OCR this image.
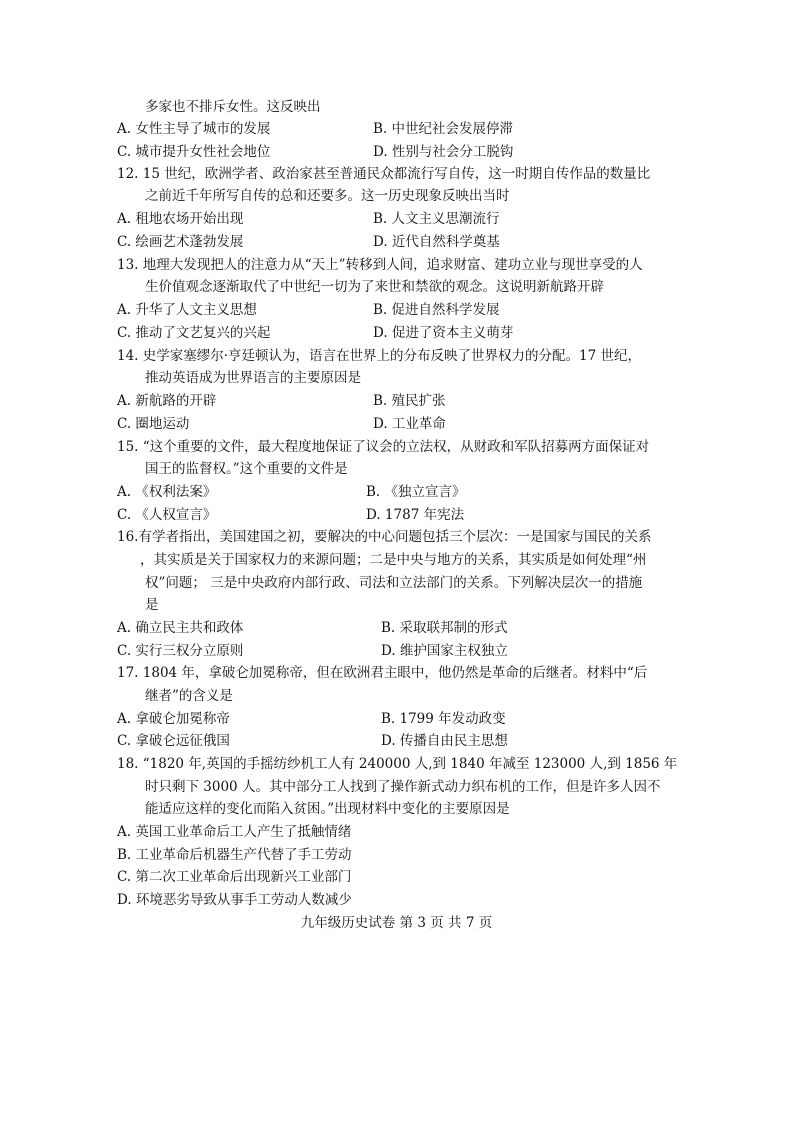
多家也不排斥女性。这反映出
A. 女性主导了城市的发展	B. 中世纪社会发展停滞
C. 城市提升女性社会地位	D. 性别与社会分工脱钩
12. 15 世纪，欧洲学者、政治家甚至普通民众都流行写自传，这一时期自传作品的数量比
之前近千年所写自传的总和还要多。这一历史现象反映出当时
A. 租地农场开始出现	B. 人文主义思潮流行
C. 绘画艺术蓬勃发展	D. 近代自然科学奠基
13. 地理大发现把人的注意力从“天上”转移到人间，追求财富、建功立业与现世享受的人
生价值观念逐渐取代了中世纪一切为了来世和禁欲的观念。这说明新航路开辟
A. 升华了人文主义思想	B. 促进自然科学发展
C. 推动了文艺复兴的兴起	D. 促进了资本主义萌芽
14. 史学家塞缪尔·亨廷顿认为，语言在世界上的分布反映了世界权力的分配。17 世纪，
推动英语成为世界语言的主要原因是
A. 新航路的开辟	B. 殖民扩张
C. 圈地运动	D. 工业革命
15. “这个重要的文件，最大程度地保证了议会的立法权，从财政和军队招募两方面保证对
国王的监督权。”这个重要的文件是
A. 《权利法案》	B. 《独立宣言》
C. 《人权宣言》	D. 1787 年宪法
16.有学者指出，美国建国之初，要解决的中心问题包括三个层次：一是国家与国民的关系
，其实质是关于国家权力的来源问题；二是中央与地方的关系，其实质是如何处理“州
权”问题； 三是中央政府内部行政、司法和立法部门的关系。下列解决层次一的措施
是
A. 确立民主共和政体	B. 采取联邦制的形式
C. 实行三权分立原则	D. 维护国家主权独立
17. 1804 年，拿破仑加冕称帝，但在欧洲君主眼中，他仍然是革命的后继者。材料中“后
继者”的含义是
A. 拿破仑加冕称帝	B. 1799 年发动政变
C. 拿破仑远征俄国	D. 传播自由民主思想
18. “1820 年,英国的手摇纺纱机工人有 240000 人,到 1840 年减至 123000 人,到 1856 年
时只剩下 3000 人。其中部分工人找到了操作新式动力织布机的工作，但是许多人因不
能适应这样的变化而陷入贫困。”出现材料中变化的主要原因是
A. 英国工业革命后工人产生了抵触情绪
B. 工业革命后机器生产代替了手工劳动
C. 第二次工业革命后出现新兴工业部门
D. 环境恶劣导致从事手工劳动人数减少
九年级历史试卷 第 3 页 共 7 页
